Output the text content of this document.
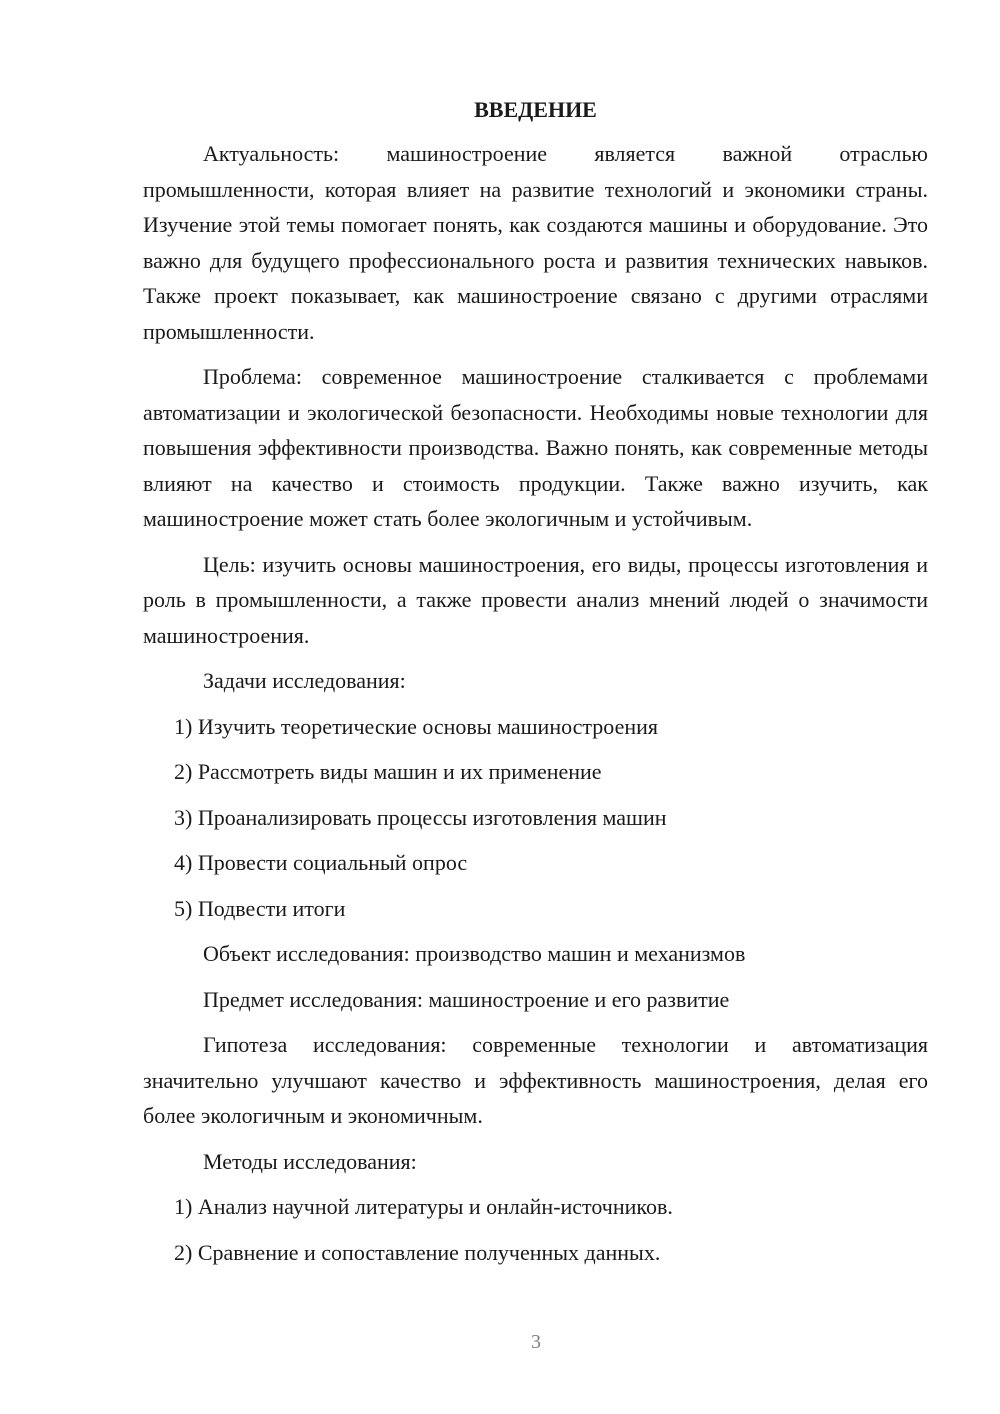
ВВЕДЕНИЕ

Актуальность: машиностроение является важной отраслью промышленности, которая влияет на развитие технологий и экономики страны. Изучение этой темы помогает понять, как создаются машины и оборудование. Это важно для будущего профессионального роста и развития технических навыков. Также проект показывает, как машиностроение связано с другими отраслями промышленности.

Проблема: современное машиностроение сталкивается с проблемами автоматизации и экологической безопасности. Необходимы новые технологии для повышения эффективности производства. Важно понять, как современные методы влияют на качество и стоимость продукции. Также важно изучить, как машиностроение может стать более экологичным и устойчивым.

Цель: изучить основы машиностроения, его виды, процессы изготовления и роль в промышленности, а также провести анализ мнений людей о значимости машиностроения.

Задачи исследования:

1) Изучить теоретические основы машиностроения

2) Рассмотреть виды машин и их применение

3) Проанализировать процессы изготовления машин

4) Провести социальный опрос

5) Подвести итоги

Объект исследования: производство машин и механизмов

Предмет исследования: машиностроение и его развитие

Гипотеза исследования: современные технологии и автоматизация значительно улучшают качество и эффективность машиностроения, делая его более экологичным и экономичным.

Методы исследования:

1) Анализ научной литературы и онлайн-источников.

2) Сравнение и сопоставление полученных данных.

3
